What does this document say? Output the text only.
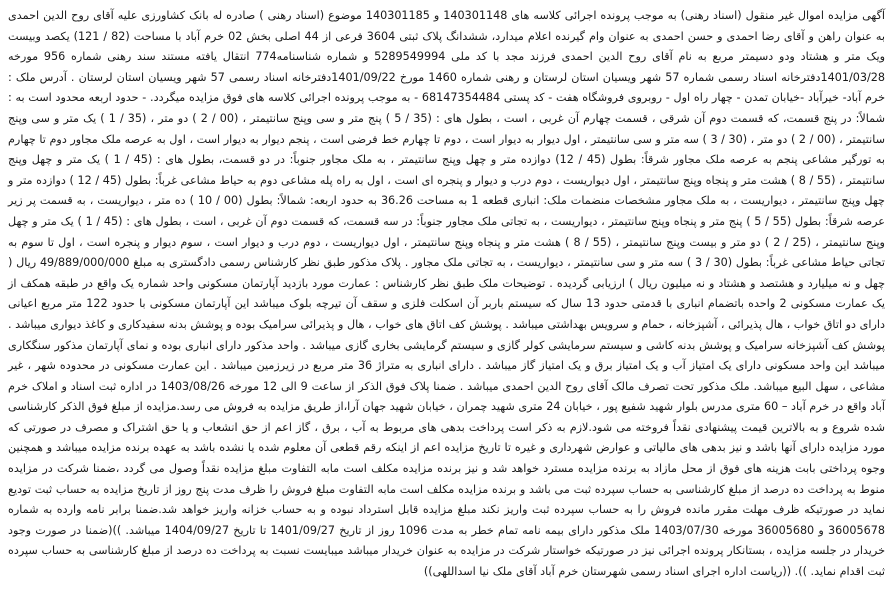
آگهی مزایده اموال غیر منقول (اسناد رهنی) به موجب پرونده اجرائی کلاسه های 140301148 و 140301185 موضوع (اسناد رهنی ) صادره له بانک کشاورزی علیه آقای روح الدین احمدی به عنوان راهن و آقای رضا احمدی و حسن احمدی به عنوان وام گیرنده اعلام میدارد، ششدانگ پلاک ثبتی 3604 فرعی از 44 اصلی بخش 02 خرم آباد با مساحت (82 / 121) یکصد وبیست ویک متر و هشتاد ودو دسیمتر مربع به نام آقای روح الدین احمدی فرزند مجد با کد ملی 5289549994 و شماره شناسنامه774 انتقال یافته مستند سند رهنی شماره 956 مورخه 1401/03/28دفترخانه اسناد رسمی شماره 57 شهر ویسیان استان لرستان و رهنی شماره 1460 مورخ 1401/09/22دفترخانه اسناد رسمی 57 شهر ویسیان استان لرستان . آدرس ملک : خرم آباد- خیرآباد -خیابان تمدن - چهار راه اول - روبروی فروشگاه هفت - کد پستی 68147354484 - به موجب پرونده اجرائی کلاسه های فوق مزایده میگردد. - حدود اربعه محدود است به : شمالاً: در پنج قسمت، که قسمت دوم آن شرقی ، قسمت چهارم آن غربی ، است ، بطول های : (35 / 5 ) پنج متر و سی وپنج سانتیمتر ، (00 / 2 ) دو متر ، (35 / 1 ) یک متر و سی وپنج سانتیمتر ، (00 / 2 ) دو متر ، (30 / 3 ) سه متر و سی سانتیمتر ، اول دیوار به دیوار است ، دوم تا چهارم خط فرضی است ، پنجم دیوار به دیوار است ، اول به عرصه ملک مجاور دوم تا چهارم به تورگیر مشاعی پنجم به عرصه ملک مجاور شرقاً: بطول (45 / 12) دوازده متر و چهل وپنج سانتیمتر ، به ملک مجاور جنوباً: در دو قسمت، بطول های : (45 / 1 ) یک متر و چهل وپنج سانتیمتر ، (55 / 8 ) هشت متر و پنجاه وپنج سانتیمتر ، اول دیواریست ، دوم درب و دیوار و پنجره ای است ، اول به راه پله مشاعی دوم به حیاط مشاعی غرباً: بطول (45 / 12 ) دوازده متر و چهل وپنج سانتیمتر ، دیواریست ، به ملک مجاور مشخصات منضمات ملک: انباری قطعه 1 به مساحت 36.26 به حدود اربعه: شمالاً: بطول (00 / 10 ) ده متر ، دیواریست ، به قسمت پر زیر عرصه شرقاً: بطول (55 / 5 ) پنج متر و پنجاه وپنج سانتیمتر ، دیواریست ، به تجاتی ملک مجاور جنوباً: در سه قسمت، که قسمت دوم آن غربی ، است ، بطول های : (45 / 1 ) یک متر و چهل وپنج سانتیمتر ، (25 / 2 ) دو متر و بیست وپنج سانتیمتر ، (55 / 8 ) هشت متر و پنجاه وپنج سانتیمتر ، اول دیواریست ، دوم درب و دیوار است ، سوم دیوار و پنجره است ، اول تا سوم به تجاتی حیاط مشاعی غرباً: بطول (30 / 3 ) سه متر و سی سانتیمتر ، دیواریست ، به تجاتی ملک مجاور . پلاک مذکور طبق نظر کارشناس رسمی دادگستری به مبلغ 49/889/000/000 ریال ( چهل و نه میلیارد و هشتصد و هشتاد و نه میلیون ریال ) ارزیابی گردیده . توضیحات ملک طبق نظر کارشناس : عمارت مورد بازدید آپارتمان مسکونی واحد شماره یک واقع در طبقه همکف از یک عمارت مسکونی 2 واحده باتضمام انباری با قدمتی حدود 13 سال که سیستم باربر آن اسکلت فلزی و سقف آن تیرچه بلوک میباشد این آپارتمان مسکونی با حدود 122 متر مربع اعیانی دارای دو اتاق خواب ، هال پذیرائی ، آشپزخانه ، حمام و سرویس بهداشتی میباشد . پوشش کف اتاق های خواب ، هال و پذیرائی سرامیک بوده و پوشش بدنه سفیدکاری و کاغذ دیواری میباشد . پوشش کف آشپزخانه سرامیک و پوشش بدنه کاشی و سیستم سرمایشی کولر گازی و سیستم گرمایشی بخاری گازی میباشد . واحد مذکور دارای انباری بوده و نمای آپارتمان مذکور سنگکاری میباشد این واحد مسکونی دارای یک امتیاز آب و یک امتیاز برق و یک امتیاز گاز میباشد . دارای انباری به متراژ 36 متر مربع در زیرزمین میباشد . این عمارت مسکونی در محدوده شهر ، غیر مشاعی ، سهل البیع میباشد. ملک مذکور تحت تصرف مالک آقای روح الدین احمدی میباشد . ضمنا پلاک فوق الذکر از ساعت 9 الی 12 مورخه 1403/08/26 در اداره ثبت اسناد و املاک خرم آباد واقع در خرم آباد – 60 متری مدرس بلوار شهید شفیع پور ، خیابان 24 متری شهید چمران ، خیابان شهید جهان آرا،از طریق مزایده به فروش می رسد.مزایده از مبلغ فوق الذکر کارشناسی شده شروع و به بالاترین قیمت پیشنهادی نقداً فروخته می شود.لازم به ذکر است پرداخت بدهی های مربوط به آب ، برق ، گاز اعم از حق انشعاب و یا حق اشتراک و مصرف در صورتی که مورد مزایده دارای آنها باشد و نیز بدهی های مالیاتی و عوارض شهرداری و غیره تا تاریخ مزایده اعم از اینکه رقم قطعی آن معلوم شده یا نشده باشد به عهده برنده مزایده میباشد و همچنین وجوه پرداختی بابت هزینه های فوق از محل مازاد به برنده مزایده مسترد خواهد شد و نیز برنده مزایده مکلف است مابه التفاوت مبلغ مزایده نقداً وصول می گردد ،ضمنا شرکت در مزایده منوط به پرداخت ده درصد از مبلغ کارشناسی به حساب سپرده ثبت می باشد و برنده مزایده مکلف است مابه التفاوت مبلغ فروش را ظرف مدت پنج روز از تاریخ مزایده به حساب ثبت تودیع نماید در صورتیکه ظرف مهلت مقرر مانده فروش را به حساب سپرده ثبت واریز نکند مبلغ مزایده قابل استرداد نبوده و به حساب خزانه واریز خواهد شد.ضمنا برابر نامه وارده به شماره 36005678 و 36005680 مورخه 1403/07/30 ملک مذکور دارای بیمه نامه تمام خطر به مدت 1096 روز از تاریخ 1401/09/27 تا تاریخ 1404/09/27 میباشد. ))(ضمنا در صورت وجود خریدار در جلسه مزایده ، بستانکار پرونده اجرائی نیز در صورتیکه خواستار شرکت در مزایده به عنوان خریدار میباشد میبایست نسبت به پرداخت ده درصد از مبلغ کارشناسی به حساب سپرده ثبت اقدام نماید. )). ((ریاست اداره اجرای اسناد رسمی شهرستان خرم آباد آقای ملک نیا اسداللهی))
